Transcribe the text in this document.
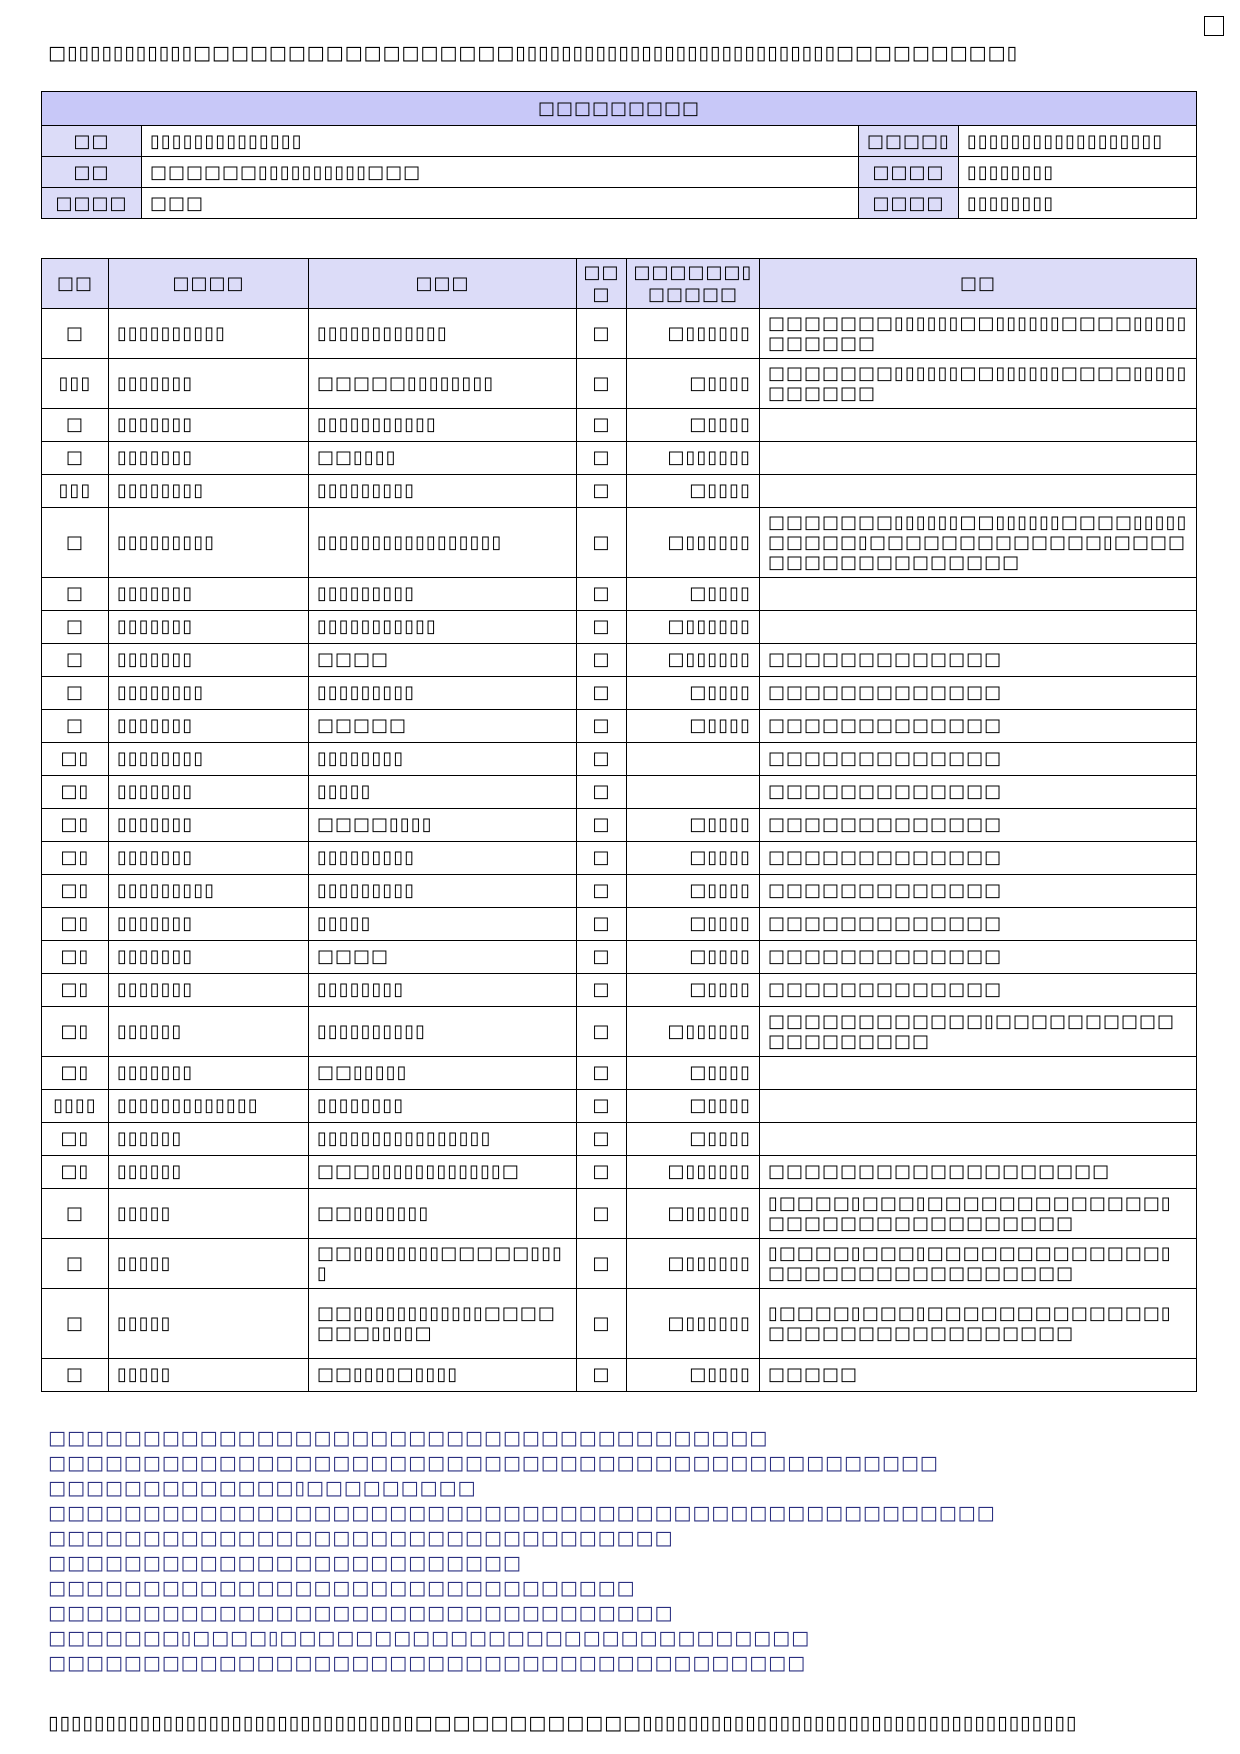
□▯▯▯▯▯▯▯▯▯▯▯□□□□□□□□□□□□□□□□□▯▯▯▯▯▯▯▯▯▯▯▯▯▯▯▯▯▯▯▯▯▯▯▯▯▯▯▯□□□□□□□□□▯
□□□□□□□□□			
□□	▯▯▯▯▯▯▯▯▯▯▯▯▯▯	□□□□▯	▯▯▯▯▯▯▯▯▯▯▯▯▯▯▯▯▯▯
□□	□□□□□□▯▯▯▯▯▯▯▯▯▯□□□	□□□□	▯▯▯▯▯▯▯▯
□□□□	□□□	□□□□	▯▯▯▯▯▯▯▯
□□	□□□□	□□□	□□□	□□□□□□▯□□□□□	□□
□	▯▯▯▯▯▯▯▯▯▯	▯▯▯▯▯▯▯▯▯▯▯▯	□	□▯▯▯▯▯▯	□□□□□□□▯▯▯▯▯▯□□▯▯▯▯▯▯□□□□▯▯▯▯▯□□□□□□
▯▯▯	▯▯▯▯▯▯▯	□□□□□▯▯▯▯▯▯▯▯	□	□▯▯▯▯	□□□□□□□▯▯▯▯▯▯□□▯▯▯▯▯▯□□□□▯▯▯▯▯□□□□□□
□	▯▯▯▯▯▯▯	▯▯▯▯▯▯▯▯▯▯▯	□	□▯▯▯▯	
□	▯▯▯▯▯▯▯	□□▯▯▯▯	□	□▯▯▯▯▯▯	
▯▯▯	▯▯▯▯▯▯▯▯	▯▯▯▯▯▯▯▯▯	□	□▯▯▯▯	
□	▯▯▯▯▯▯▯▯▯	▯▯▯▯▯▯▯▯▯▯▯▯▯▯▯▯▯	□	□▯▯▯▯▯▯	□□□□□□□▯▯▯▯▯▯□□▯▯▯▯▯▯□□□□▯▯▯▯▯□□□□□▯□□□□□□□□□□□□□▯□□□□□□□□□□□□□□□□□□
□	▯▯▯▯▯▯▯	▯▯▯▯▯▯▯▯▯	□	□▯▯▯▯	
□	▯▯▯▯▯▯▯	▯▯▯▯▯▯▯▯▯▯▯	□	□▯▯▯▯▯▯	
□	▯▯▯▯▯▯▯	□□□□	□	□▯▯▯▯▯▯	□□□□□□□□□□□□□
□	▯▯▯▯▯▯▯▯	▯▯▯▯▯▯▯▯▯	□	□▯▯▯▯	□□□□□□□□□□□□□
□	▯▯▯▯▯▯▯	□□□□□	□	□▯▯▯▯	□□□□□□□□□□□□□
□▯	▯▯▯▯▯▯▯▯	▯▯▯▯▯▯▯▯	□		□□□□□□□□□□□□□
□▯	▯▯▯▯▯▯▯	▯▯▯▯▯	□		□□□□□□□□□□□□□
□▯	▯▯▯▯▯▯▯	□□□□▯▯▯▯	□	□▯▯▯▯	□□□□□□□□□□□□□
□▯	▯▯▯▯▯▯▯	▯▯▯▯▯▯▯▯▯	□	□▯▯▯▯	□□□□□□□□□□□□□
□▯	▯▯▯▯▯▯▯▯▯	▯▯▯▯▯▯▯▯▯	□	□▯▯▯▯	□□□□□□□□□□□□□
□▯	▯▯▯▯▯▯▯	▯▯▯▯▯	□	□▯▯▯▯	□□□□□□□□□□□□□
□▯	▯▯▯▯▯▯▯	□□□□	□	□▯▯▯▯	□□□□□□□□□□□□□
□▯	▯▯▯▯▯▯▯	▯▯▯▯▯▯▯▯	□	□▯▯▯▯	□□□□□□□□□□□□□
□▯	▯▯▯▯▯▯	▯▯▯▯▯▯▯▯▯▯	□	□▯▯▯▯▯▯	□□□□□□□□□□□□▯□□□□□□□□□□□□□□□□□□□
□▯	▯▯▯▯▯▯▯	□□▯▯▯▯▯	□	□▯▯▯▯	
▯▯▯▯	▯▯▯▯▯▯▯▯▯▯▯▯▯	▯▯▯▯▯▯▯▯	□	□▯▯▯▯	
□▯	▯▯▯▯▯▯	▯▯▯▯▯▯▯▯▯▯▯▯▯▯▯▯	□	□▯▯▯▯	
□▯	▯▯▯▯▯▯	□□□▯▯▯▯▯▯▯▯▯▯▯▯□	□	□▯▯▯▯▯▯	□□□□□□□□□□□□□□□□□□□
□	▯▯▯▯▯	□□▯▯▯▯▯▯▯	□	□▯▯▯▯▯▯	▯□□□□▯□□□▯□□□□□□□□□□□□□▯□□□□□□□□□□□□□□□□□
□	▯▯▯▯▯	□□▯▯▯▯▯▯▯▯□□□□□▯▯▯▯	□	□▯▯▯▯▯▯	▯□□□□▯□□□▯□□□□□□□□□□□□□▯□□□□□□□□□□□□□□□□□
□	▯▯▯▯▯	□□▯▯▯▯▯▯▯▯▯▯▯▯□□□□□□□▯▯▯▯□	□	□▯▯▯▯▯▯	▯□□□□▯□□□▯□□□□□□□□□□□□□▯□□□□□□□□□□□□□□□□□
□	▯▯▯▯▯	□□▯▯▯▯□▯▯▯▯	□	□▯▯▯▯	□□□□□
□□□□□□□□□□□□□□□□□□□□□□□□□□□□□□□□□□□□□□
□□□□□□□□□□□□□□□□□□□□□□□□□□□□□□□□□□□□□□□□□□□□□□□
□□□□□□□□□□□□□▯□□□□□□□□□
□□□□□□□□□□□□□□□□□□□□□□□□□□□□□□□□□□□□□□□□□□□□□□□□□□
□□□□□□□□□□□□□□□□□□□□□□□□□□□□□□□□□
□□□□□□□□□□□□□□□□□□□□□□□□□
□□□□□□□□□□□□□□□□□□□□□□□□□□□□□□□
□□□□□□□□□□□□□□□□□□□□□□□□□□□□□□□□□
□□□□□□□▯□□□□▯□□□□□□□□□□□□□□□□□□□□□□□□□□□□
□□□□□□□□□□□□□□□□□□□□□□□□□□□□□□□□□□□□□□□□
▯▯▯▯▯▯▯▯▯▯▯▯▯▯▯▯▯▯▯▯▯▯▯▯▯▯▯▯▯▯▯▯□□□□□□□□□□□□▯▯▯▯▯▯▯▯▯▯▯▯▯▯▯▯▯▯▯▯▯▯▯▯▯▯▯▯▯▯▯▯▯▯▯▯▯▯
